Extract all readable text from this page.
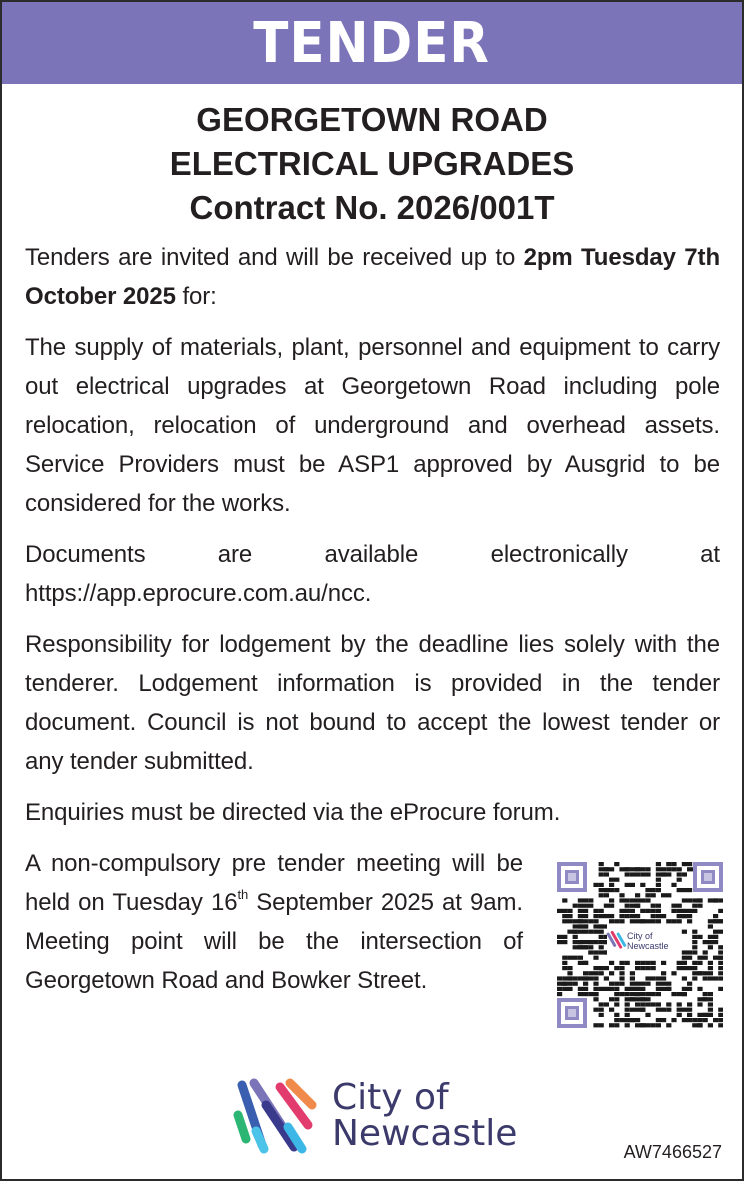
TENDER
GEORGETOWN ROAD
ELECTRICAL UPGRADES
Contract No. 2026/001T

Tenders are invited and will be received up to 2pm Tuesday 7th October 2025 for:

The supply of materials, plant, personnel and equipment to carry out electrical upgrades at Georgetown Road including pole relocation, relocation of underground and overhead assets. Service Providers must be ASP1 approved by Ausgrid to be considered for the works.

Documents are available electronically at
https://app.eprocure.com.au/ncc.

Responsibility for lodgement by the deadline lies solely with the tenderer. Lodgement information is provided in the tender document. Council is not bound to accept the lowest tender or any tender submitted.

Enquiries must be directed via the eProcure forum.

A non-compulsory pre tender meeting will be held on Tuesday 16th September 2025 at 9am. Meeting point will be the intersection of Georgetown Road and Bowker Street.

City of
Newcastle
City of
Newcastle	AW7466527
